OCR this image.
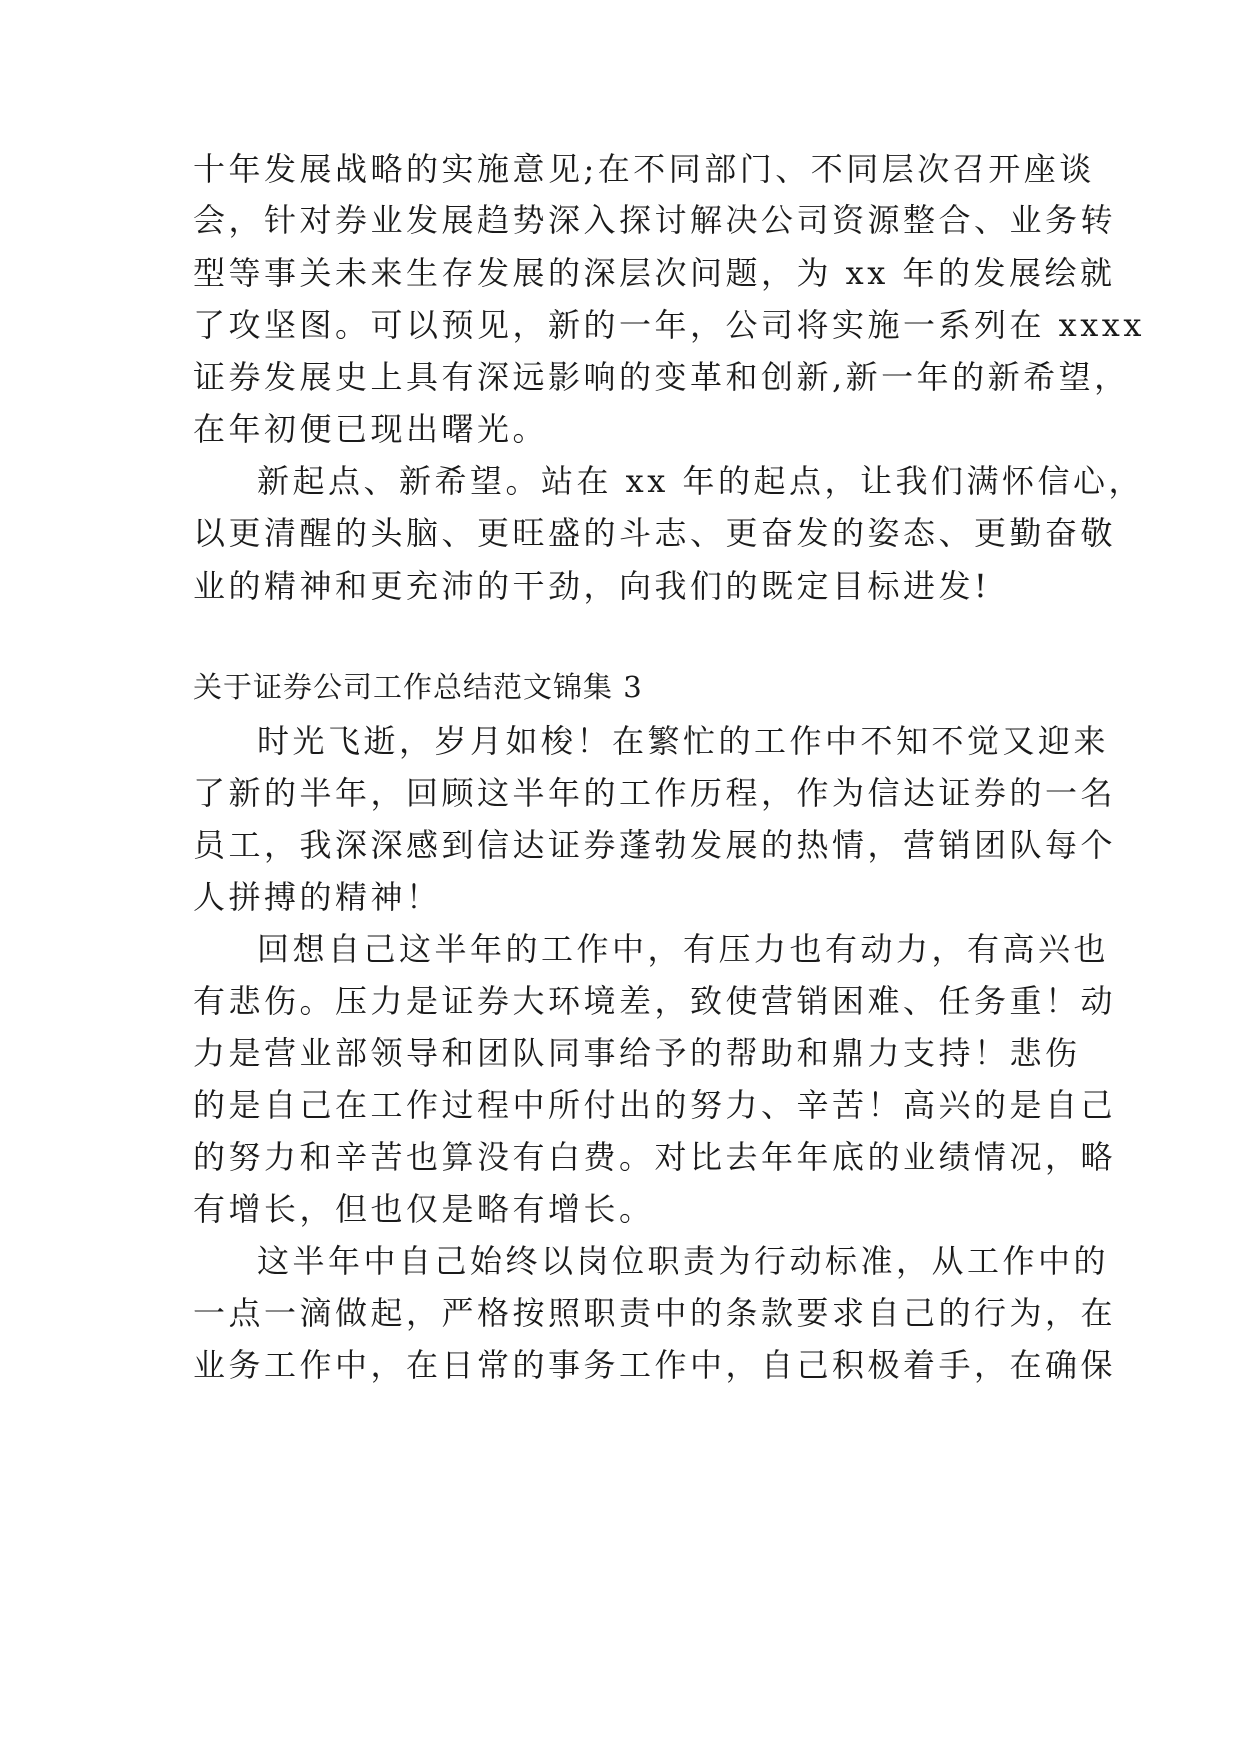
十年发展战略的实施意见;在不同部门、不同层次召开座谈
会，针对券业发展趋势深入探讨解决公司资源整合、业务转
型等事关未来生存发展的深层次问题，为 xx 年的发展绘就
了攻坚图。可以预见，新的一年，公司将实施一系列在 xxxx
证券发展史上具有深远影响的变革和创新,新一年的新希望，
在年初便已现出曙光。
新起点、新希望。站在 xx 年的起点，让我们满怀信心，
以更清醒的头脑、更旺盛的斗志、更奋发的姿态、更勤奋敬
业的精神和更充沛的干劲，向我们的既定目标进发!
关于证券公司工作总结范文锦集 3
时光飞逝，岁月如梭！在繁忙的工作中不知不觉又迎来
了新的半年，回顾这半年的工作历程，作为信达证券的一名
员工，我深深感到信达证券蓬勃发展的热情，营销团队每个
人拼搏的精神！
回想自己这半年的工作中，有压力也有动力，有高兴也
有悲伤。压力是证券大环境差，致使营销困难、任务重！动
力是营业部领导和团队同事给予的帮助和鼎力支持！悲伤
的是自己在工作过程中所付出的努力、辛苦！高兴的是自己
的努力和辛苦也算没有白费。对比去年年底的业绩情况，略
有增长，但也仅是略有增长。
这半年中自己始终以岗位职责为行动标准，从工作中的
一点一滴做起，严格按照职责中的条款要求自己的行为，在
业务工作中，在日常的事务工作中，自己积极着手，在确保
